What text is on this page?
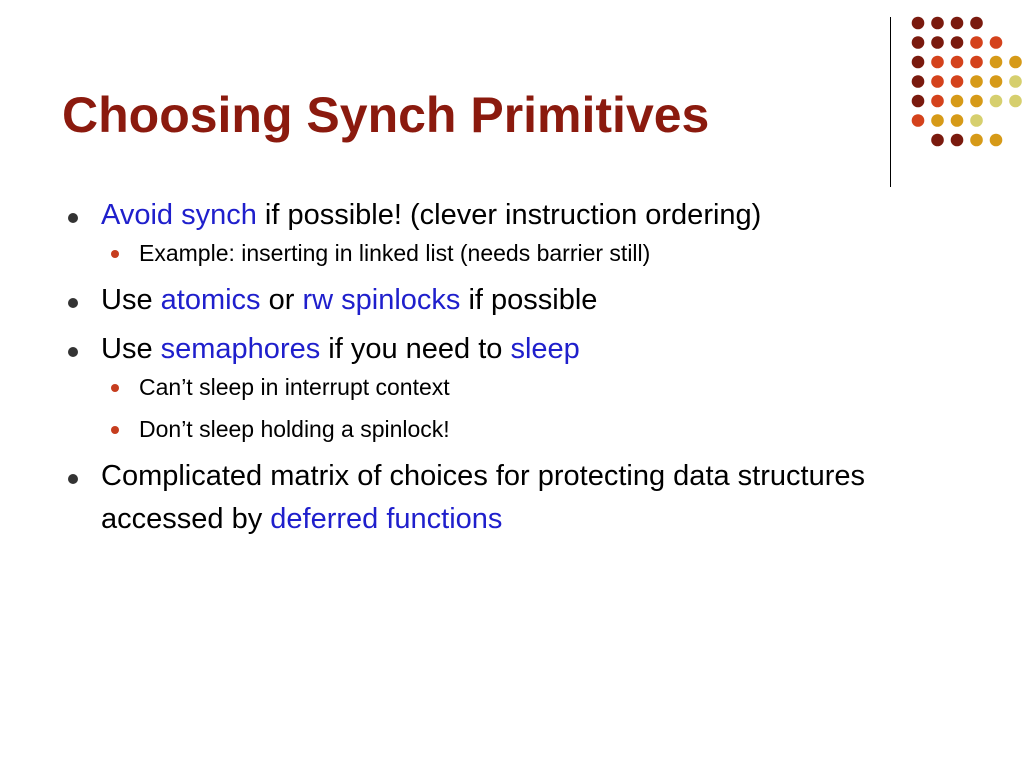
Choosing Synch Primitives
Avoid synch if possible! (clever instruction ordering)
Example: inserting in linked list (needs barrier still)
Use atomics or rw spinlocks if possible
Use semaphores if you need to sleep
Can’t sleep in interrupt context
Don’t sleep holding a spinlock!
Complicated matrix of choices for protecting data structures accessed by deferred functions
